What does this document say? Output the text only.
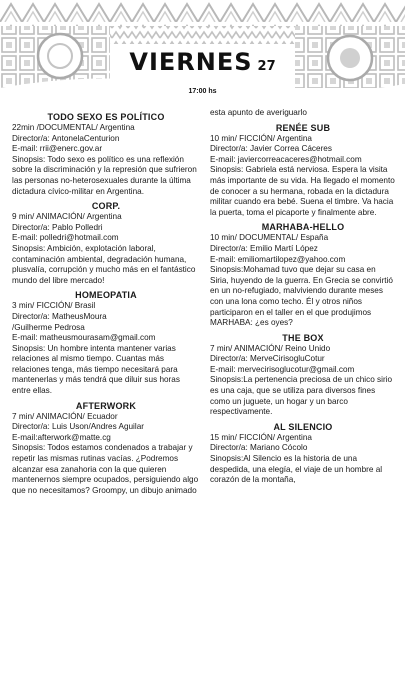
VIERNES 27
17:00 hs
TODO SEXO ES POLÍTICO

22min /DOCUMENTAL/ Argentina

Director/a: AntonelaCenturion

E-mail: rrii@enerc.gov.ar

Sinopsis: Todo sexo es político es una reflexión sobre la discriminación y la represión que sufrieron las personas no-heterosexuales durante la última dictadura cívico-militar en Argentina.

CORP.

9 min/ ANIMACIÓN/ Argentina

Director/a: Pablo Polledri

E-mail: polledri@hotmail.com

Sinopsis: Ambición, explotación laboral, contaminación ambiental, degradación humana, plusvalía, corrupción y mucho más en el fantástico mundo del libre mercado!

HOMEOPATIA

3 min/ FICCIÓN/ Brasil

Director/a: MatheusMoura

/Guilherme Pedrosa

E-mail: matheusmourasam@gmail.com

Sinopsis: Un hombre intenta mantener varias relaciones al mismo tiempo. Cuantas más relaciones tenga, más tiempo necesitará para mantenerlas y más tendrá que diluir sus horas entre ellas.

AFTERWORK

7 min/ ANIMACIÓN/ Ecuador

Director/a: Luis Uson/Andres Aguilar

E-mail:afterwork@matte.cg

Sinopsis: Todos estamos condenados a trabajar y repetir las mismas rutinas vacías. ¿Podremos alcanzar esa zanahoria con la que quieren mantenernos siempre ocupados, persiguiendo algo que no necesitamos? Groompy, un dibujo animado

esta apunto de averiguarlo

RENÉE SUB

10 min/ FICCIÓN/ Argentina

Director/a: Javier Correa Cáceres

E-mail: javiercorreacaceres@hotmail.com

Sinopsis: Gabriela está nerviosa. Espera la visita más importante de su vida. Ha llegado el momento de conocer a su hermana, robada en la dictadura militar cuando era bebé. Suena el timbre. Va hacia la puerta, toma el picaporte y finalmente abre.

MARHABA-HELLO

10 min/ DOCUMENTAL/ España

Director/a: Emilio Martí López

E-mail: emiliomartilopez@yahoo.com

Sinopsis:Mohamad tuvo que dejar su casa en Siria, huyendo de la guerra. En Grecia se convirtió en un no-refugiado, malviviendo durante meses con una lona como techo. Él y otros niños participaron en el taller en el que produjimos MARHABA: ¿es oyes?

THE BOX

7 min/ ANIMACIÓN/ Reino Unido

Director/a: MerveCirisogluCotur

E-mail: mervecirisoglucotur@gmail.com

Sinopsis:La pertenencia preciosa de un chico sirio es una caja, que se utiliza para diversos fines como un juguete, un hogar y un barco respectivamente.

AL SILENCIO

15 min/ FICCIÓN/ Argentina

Director/a: Mariano Cócolo

Sinopsis:Al Silencio es la historia de una despedida, una elegía, el viaje de un hombre al corazón de la montaña,
